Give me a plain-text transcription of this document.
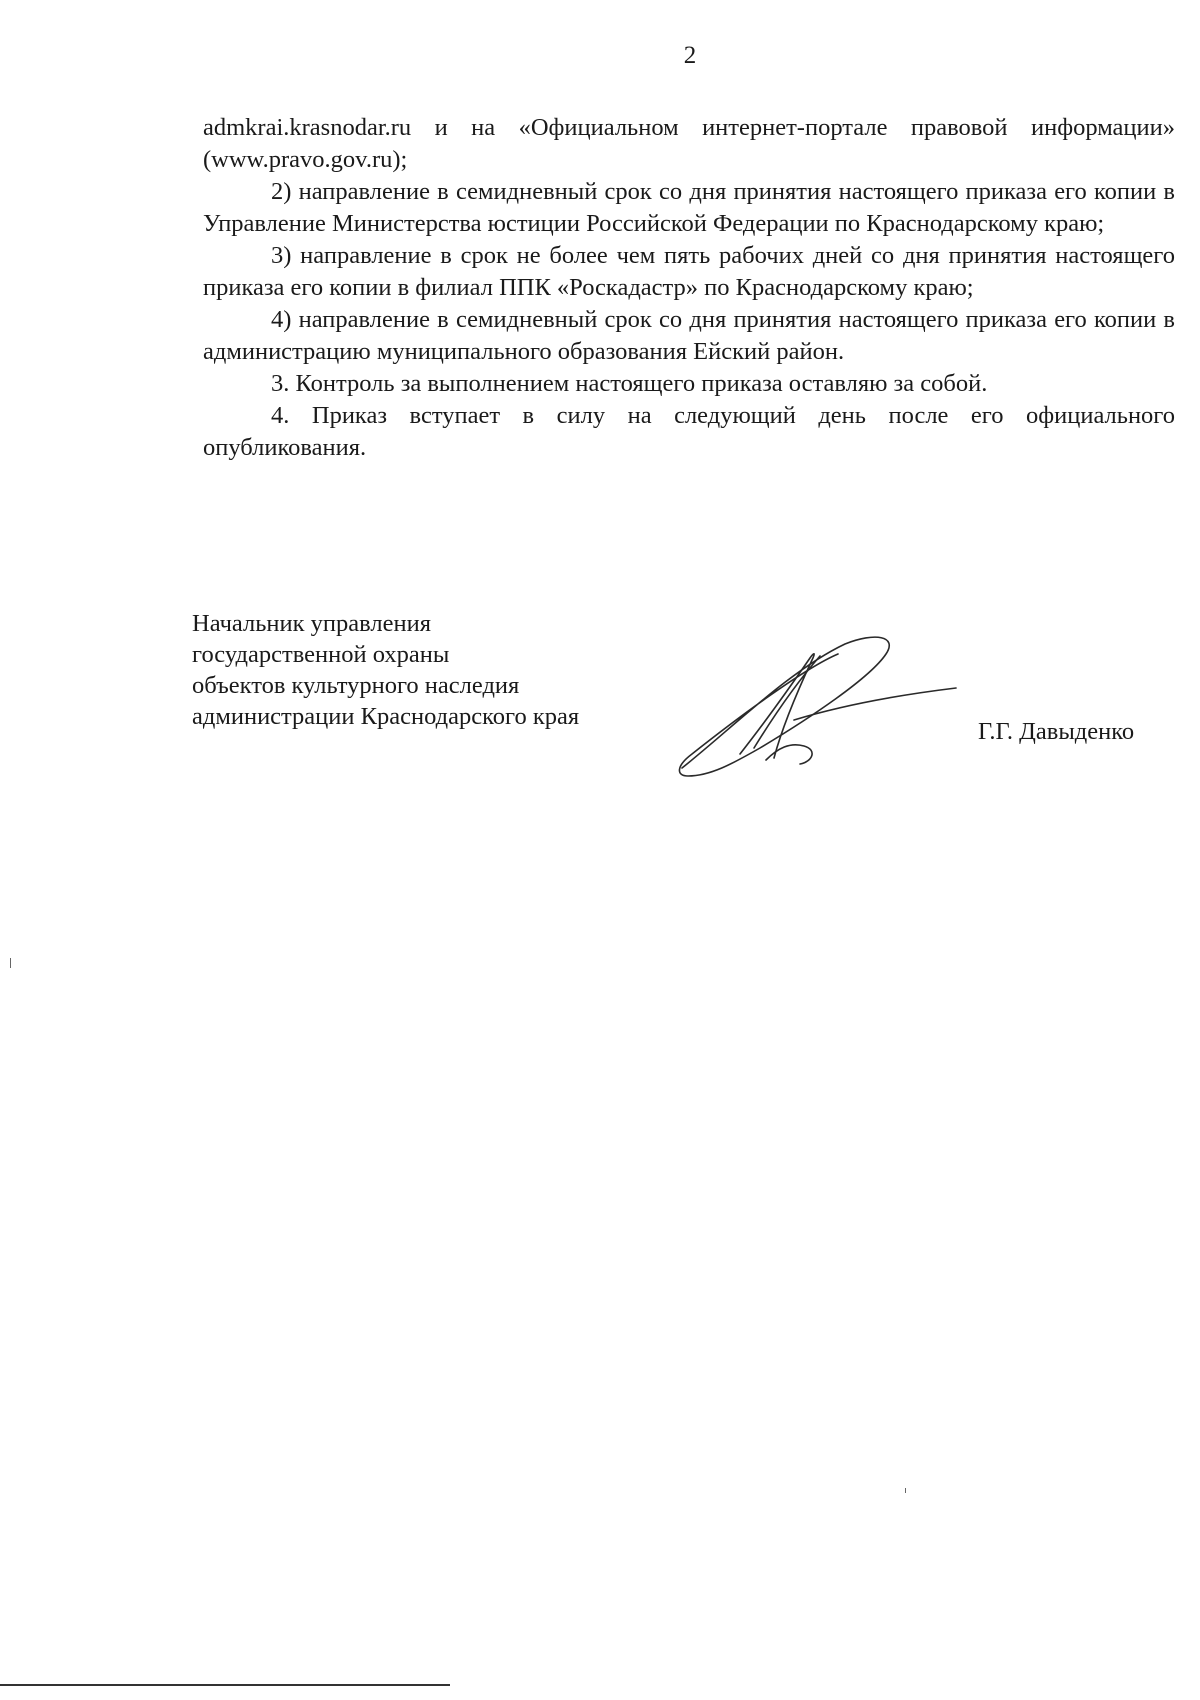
2

admkrai.krasnodar.ru и на «Официальном интернет-портале правовой информации» (www.pravo.gov.ru);

2) направление в семидневный срок со дня принятия настоящего приказа его копии в Управление Министерства юстиции Российской Федерации по Краснодарскому краю;

3) направление в срок не более чем пять рабочих дней со дня принятия настоящего приказа его копии в филиал ППК «Роскадастр» по Краснодарскому краю;

4) направление в семидневный срок со дня принятия настоящего приказа его копии в администрацию муниципального образования Ейский район.

3. Контроль за выполнением настоящего приказа оставляю за собой.

4. Приказ вступает в силу на следующий день после его официального опубликования.

Начальник управления
государственной охраны
объектов культурного наследия
администрации Краснодарского края
Г.Г. Давыденко
